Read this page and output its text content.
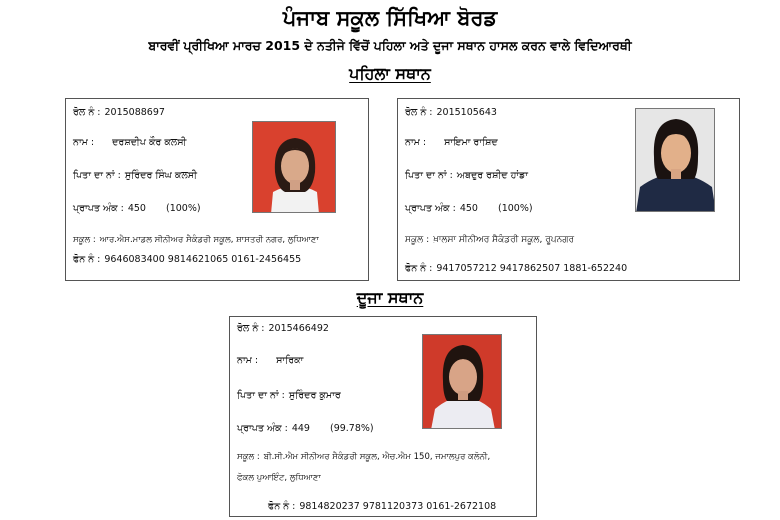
ਪੰਜਾਬ ਸਕੂਲ ਸਿੱਖਿਆ ਬੋਰਡ
ਬਾਰਵੀਂ ਪ੍ਰੀਖਿਆ ਮਾਰਚ 2015 ਦੇ ਨਤੀਜੇ ਵਿੱਚੋਂ ਪਹਿਲਾ ਅਤੇ ਦੂਜਾ ਸਥਾਨ ਹਾਸਲ ਕਰਨ ਵਾਲੇ ਵਿਦਿਆਰਥੀ
ਪਹਿਲਾ ਸਥਾਨ
ਰੋਲ ਨੰ : 2015088697
ਨਾਮ : ਦਰਸ਼ਦੀਪ ਕੌਰ ਕਲਸੀ
ਪਿਤਾ ਦਾ ਨਾਂ : ਸੁਰਿੰਦਰ ਸਿੰਘ ਕਲਸੀ
ਪ੍ਰਾਪਤ ਅੰਕ : 450 (100%)
ਸਕੂਲ : ਆਰ.ਐਸ.ਮਾਡਲ ਸੀਨੀਅਰ ਸੈਕੰਡਰੀ ਸਕੂਲ, ਸ਼ਾਸਤਰੀ ਨਗਰ, ਲੁਧਿਆਣਾ
ਫੋਨ ਨੰ : 9646083400 9814621065 0161-2456455
ਰੋਲ ਨੰ : 2015105643
ਨਾਮ : ਸਾਇਮਾ ਰਾਸ਼ਿਦ
ਪਿਤਾ ਦਾ ਨਾਂ : ਅਬਦੁਰ ਰਸ਼ੀਦ ਹਾਂਡਾ
ਪ੍ਰਾਪਤ ਅੰਕ : 450 (100%)
ਸਕੂਲ : ਖ਼ਾਲਸਾ ਸੀਨੀਅਰ ਸੈਕੰਡਰੀ ਸਕੂਲ, ਰੂਪਨਗਰ
ਫੋਨ ਨੰ : 9417057212 9417862507 1881-652240
ਦੂਜਾ ਸਥਾਨ
ਰੋਲ ਨੰ : 2015466492
ਨਾਮ : ਸਾਰਿਕਾ
ਪਿਤਾ ਦਾ ਨਾਂ : ਸੁਰਿੰਦਰ ਕੁਮਾਰ
ਪ੍ਰਾਪਤ ਅੰਕ : 449 (99.78%)
ਸਕੂਲ : ਬੀ.ਸੀ.ਐਮ ਸੀਨੀਅਰ ਸੈਕੰਡਰੀ ਸਕੂਲ, ਐਚ.ਐਮ 150, ਜਮਾਲਪੁਰ ਕਲੋਨੀ,
ਫੋਕਲ ਪੁਆਇੰਟ, ਲੁਧਿਆਣਾ
ਫੋਨ ਨੰ : 9814820237 9781120373 0161-2672108
